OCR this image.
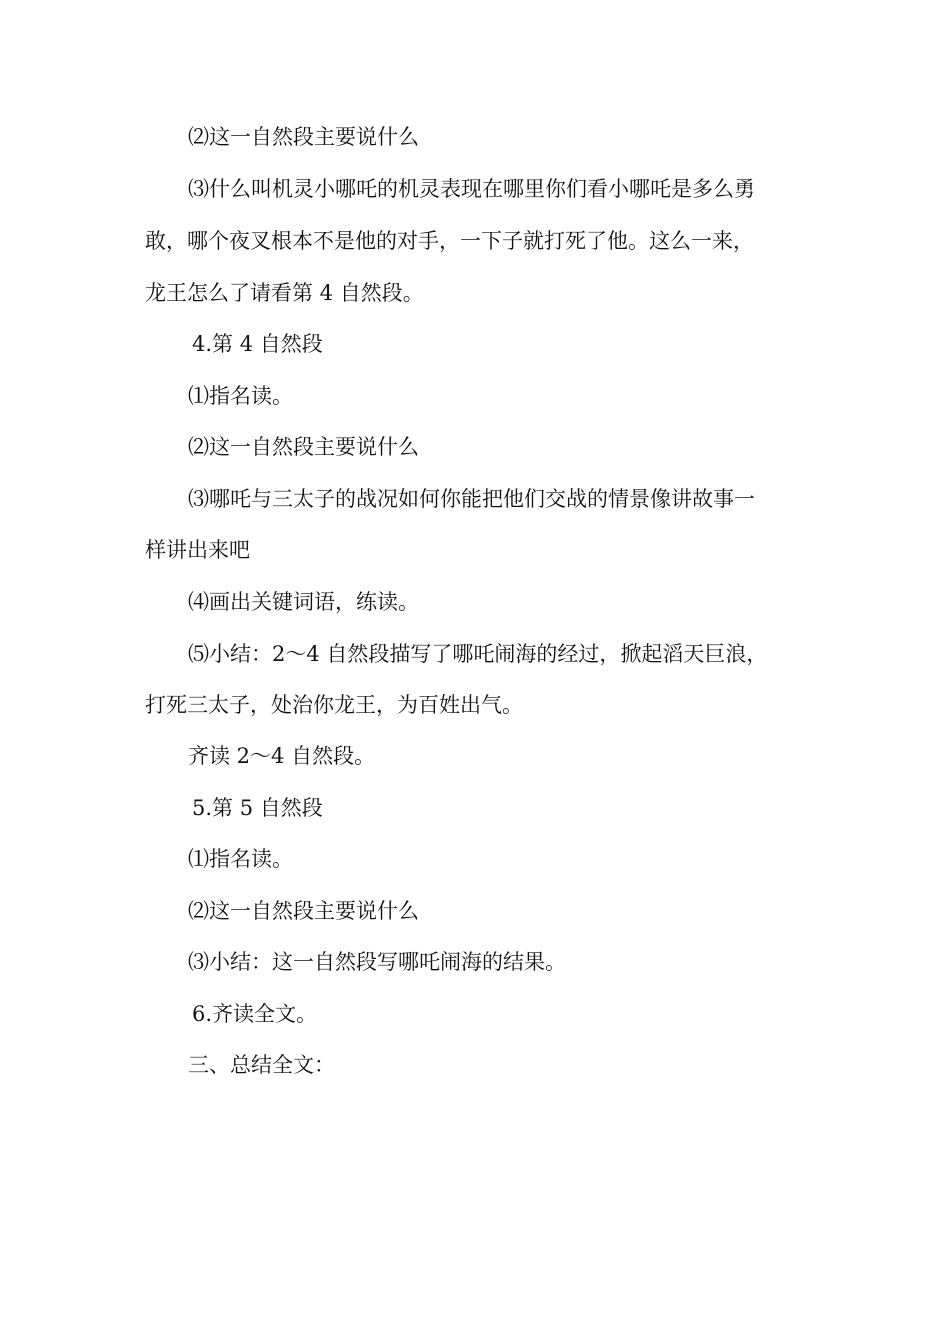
⑵这一自然段主要说什么
⑶什么叫机灵小哪吒的机灵表现在哪里你们看小哪吒是多么勇
敢，哪个夜叉根本不是他的对手，一下子就打死了他。这么一来，
龙王怎么了请看第 4 自然段。
4.第 4 自然段
⑴指名读。
⑵这一自然段主要说什么
⑶哪吒与三太子的战况如何你能把他们交战的情景像讲故事一
样讲出来吧
⑷画出关键词语，练读。
⑸小结：2～4 自然段描写了哪吒闹海的经过，掀起滔天巨浪，
打死三太子，处治你龙王，为百姓出气。
齐读 2～4 自然段。
5.第 5 自然段
⑴指名读。
⑵这一自然段主要说什么
⑶小结：这一自然段写哪吒闹海的结果。
6.齐读全文。
三、总结全文：
